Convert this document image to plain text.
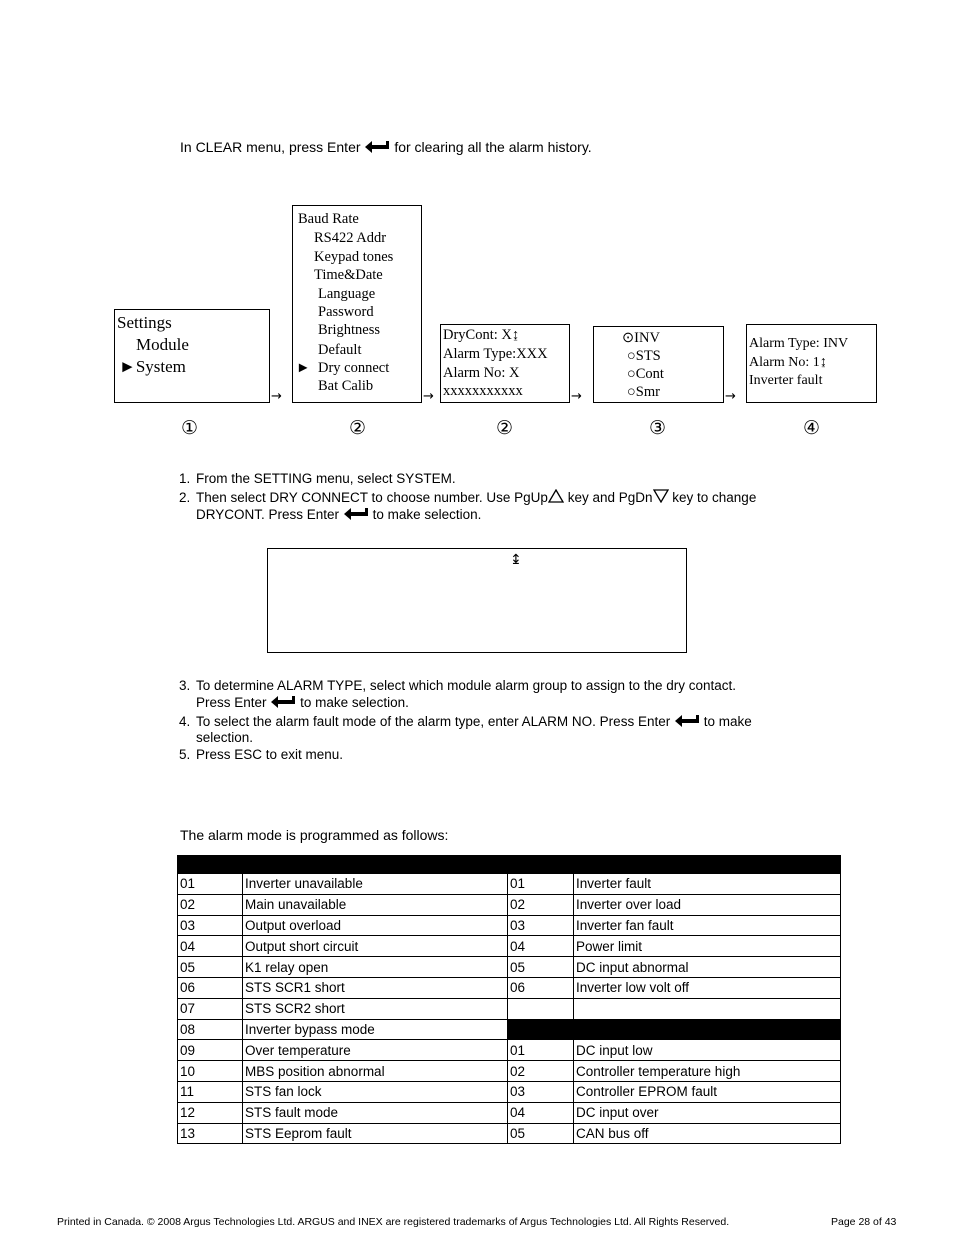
In CLEAR menu, press Enter for clearing all the alarm history.
Settings
Module
►System
Baud Rate
RS422 Addr
Keypad tones
Time&Date
Language
Password
Brightness
Default
► Dry connect
Bat Calib
DryCont: X↨
Alarm Type:XXX
Alarm No: X
xxxxxxxxxxx
⊙INV
○STS
○Cont
○Smr
Alarm Type: INV
Alarm No: 1↨
Inverter fault
→	→	→	→
①	②	②	③	④
1. From the SETTING menu, select SYSTEM.
2. Then select DRY CONNECT to choose number. Use PgUp key and PgDn key to change
DRYCONT. Press Enter to make selection.
↨
3. To determine ALARM TYPE, select which module alarm group to assign to the dry contact.
Press Enter to make selection.
4. To select the alarm fault mode of the alarm type, enter ALARM NO. Press Enter to make
selection.
5. Press ESC to exit menu.
The alarm mode is programmed as follows:

01	Inverter unavailable	01	Inverter fault
02	Main unavailable	02	Inverter over load
03	Output overload	03	Inverter fan fault
04	Output short circuit	04	Power limit
05	K1 relay open	05	DC input abnormal
06	STS SCR1 short	06	Inverter low volt off
07	STS SCR2 short		
08	Inverter bypass mode		
09	Over temperature	01	DC input low
10	MBS position abnormal	02	Controller temperature high
11	STS fan lock	03	Controller EPROM fault
12	STS fault mode	04	DC input over
13	STS Eeprom fault	05	CAN bus off
Printed in Canada. © 2008 Argus Technologies Ltd. ARGUS and INEX are registered trademarks of Argus Technologies Ltd. All Rights Reserved.	Page 28 of 43
